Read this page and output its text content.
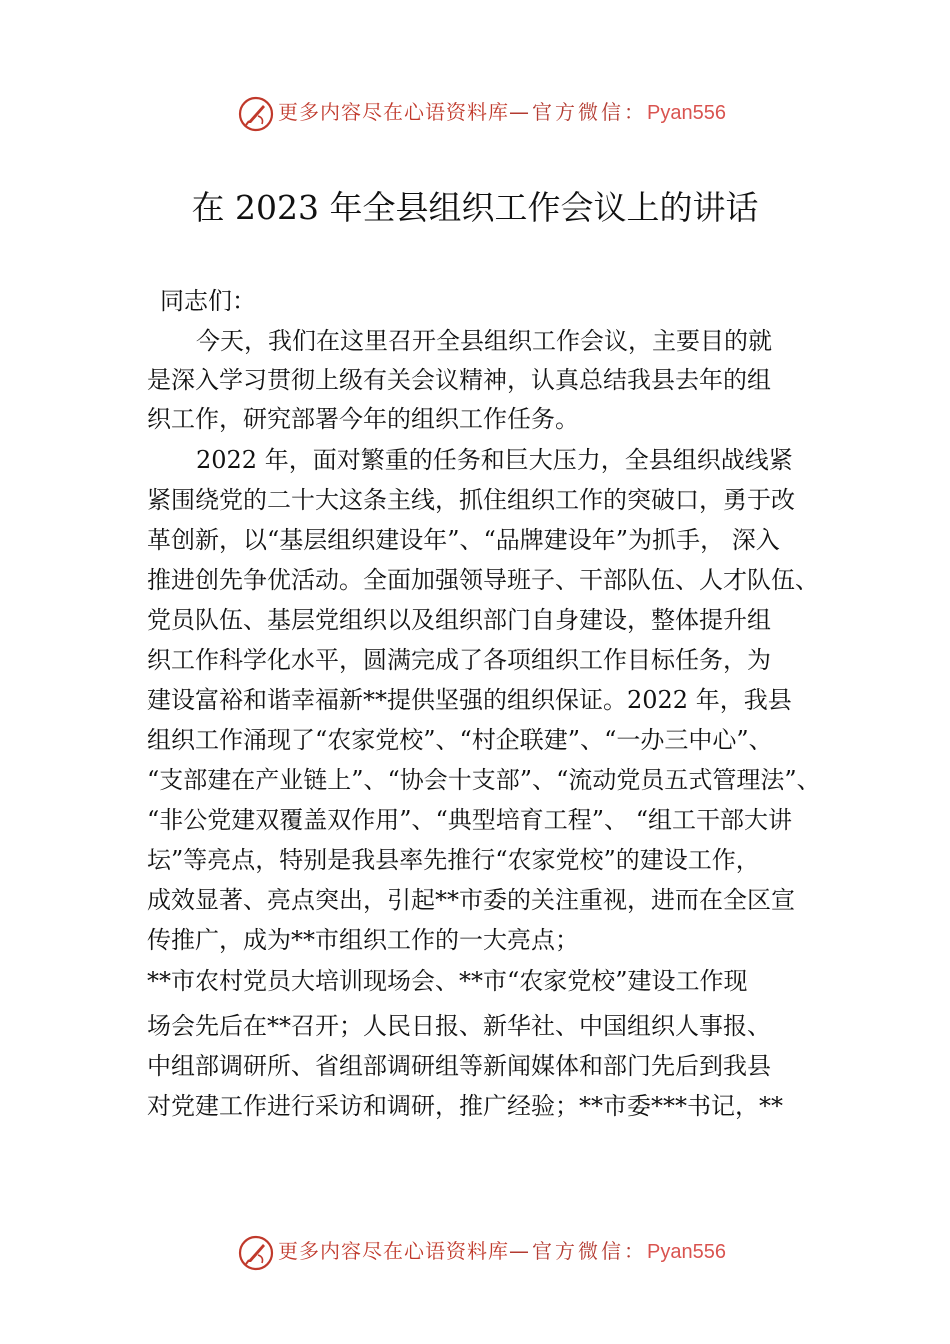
更多内容尽在心语资料库—官方微信：Pyan556
在 2023 年全县组织工作会议上的讲话
同志们：
今天，我们在这里召开全县组织工作会议，主要目的就
是深入学习贯彻上级有关会议精神，认真总结我县去年的组
织工作，研究部署今年的组织工作任务。
2022 年，面对繁重的任务和巨大压力，全县组织战线紧
紧围绕党的二十大这条主线，抓住组织工作的突破口，勇于改
革创新，以“基层组织建设年”、“品牌建设年”为抓手， 深入
推进创先争优活动。全面加强领导班子、干部队伍、人才队伍、
党员队伍、基层党组织以及组织部门自身建设，整体提升组
织工作科学化水平，圆满完成了各项组织工作目标任务，为
建设富裕和谐幸福新**提供坚强的组织保证。2022 年，我县
组织工作涌现了“农家党校”、“村企联建”、“一办三中心”、
“支部建在产业链上”、“协会十支部”、“流动党员五式管理法”、
“非公党建双覆盖双作用”、“典型培育工程”、 “组工干部大讲
坛”等亮点，特别是我县率先推行“农家党校”的建设工作，
成效显著、亮点突出，引起**市委的关注重视，进而在全区宣
传推广，成为**市组织工作的一大亮点；
**市农村党员大培训现场会、**市“农家党校”建设工作现
场会先后在**召开；人民日报、新华社、中国组织人事报、
中组部调研所、省组部调研组等新闻媒体和部门先后到我县
对党建工作进行采访和调研，推广经验；**市委***书记，**
更多内容尽在心语资料库—官方微信：Pyan556
